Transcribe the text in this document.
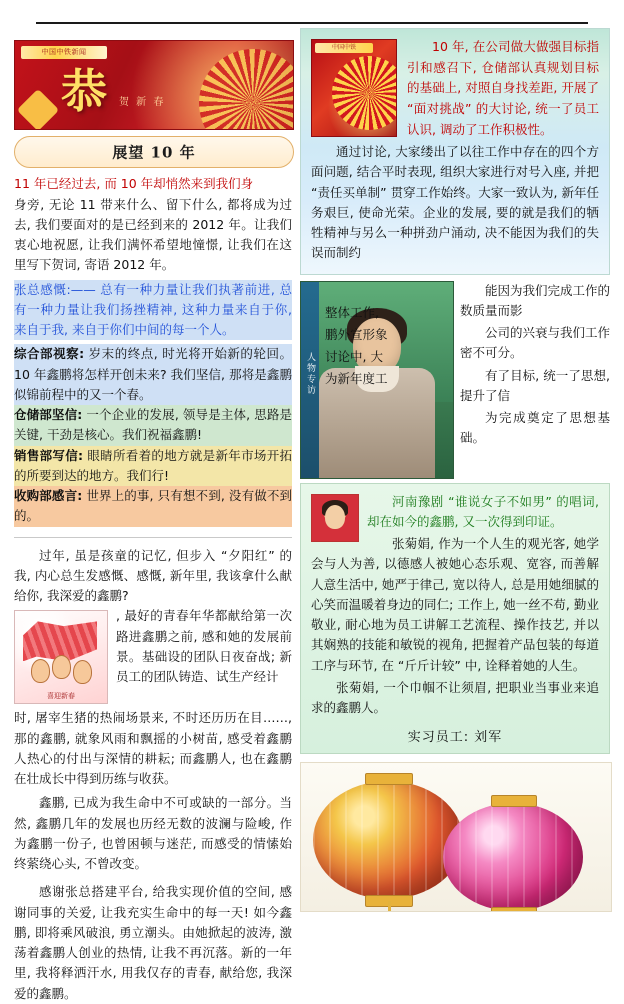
中国中铁新闻
恭 贺 新 春
展望 10 年
11 年已经过去, 而 10 年却悄然来到我们身
身旁, 无论 11 带来什么、留下什么, 都将成为过去, 我们要面对的是已经到来的 2012 年。让我们衷心地祝愿, 让我们满怀希望地憧憬, 让我们在这里写下贺词, 寄语 2012 年。
张总感慨:—— 总有一种力量让我们执著前进, 总有一种力量让我们扬挫精神, 这种力量来自于你, 来自于我, 来自于你们中间的每一个人。
综合部视察: 岁末的终点, 时光将开始新的轮回。10 年鑫鹏将怎样开创未来? 我们坚信, 那将是鑫鹏似锦前程中的又一个春。
仓储部坚信: 一个企业的发展, 领导是主体, 思路是关键, 干劲是核心。我们祝福鑫鹏!
销售部写信: 眼睛所看着的地方就是新年市场开拓的所要到达的地方。我们行!
收购部感言: 世界上的事, 只有想不到, 没有做不到的。
过年, 虽是孩童的记忆, 但步入 “夕阳红” 的我, 内心总生发感慨、感慨, 新年里, 我该拿什么献给你, 我深爱的鑫鹏?
喜迎新春
, 最好的青春年华都献给第一次路进鑫鹏之前, 感和她的发展前景。基础设的团队日夜奋战; 新员工的团队铸造、试生产经计
时, 屠宰生猪的热闹场景来, 不时还历历在目……, 那的鑫鹏, 就象风雨和飘摇的小树苗, 感受着鑫鹏人热心的付出与深情的耕耘; 而鑫鹏人, 也在鑫鹏在壮成长中得到历练与收获。
鑫鹏, 已成为我生命中不可或缺的一部分。当然, 鑫鹏几年的发展也历经无数的波澜与险峻, 作为鑫鹏一份子, 也曾困顿与迷茫, 而感受的情愫始终萦绕心头, 不曾改变。
感谢张总搭建平台, 给我实现价值的空间, 感谢同事的关爱, 让我充实生命中的每一天! 如今鑫鹏, 即将乘风破浪, 勇立潮头。由她掀起的波涛, 激荡着鑫鹏人创业的热情, 让我不再沉落。新的一年里, 我将释洒汗水, 用我仅存的青春, 献给您, 我深爱的鑫鹏。
中国中铁	10 年, 在公司做大做强目标指引和感召下, 仓储部认真规划目标的基础上, 对照自身找差距, 开展了 “面对挑战” 的大讨论, 统一了员工认识, 调动了工作积极性。
通过讨论, 大家缕出了以往工作中存在的四个方面问题, 结合平时表现, 组织大家进行对号入座, 并把 “责任买单制” 贯穿工作始终。大家一致认为, 新年任务艰巨, 使命光荣。企业的发展, 要的就是我们的牺牲精神与另么一种拼劲户涌动, 决不能因为我们的失误而制约
人物专访

整体工作,

鹏外宣形象

讨论中, 大

为新年度工

能因为我们完成工作的数质量而影

公司的兴衰与我们工作密不可分。

有了目标, 统一了思想, 提升了信

为完成奠定了思想基础。

河南豫剧 “谁说女子不如男” 的唱词, 却在如今的鑫鹏, 又一次得到印证。
张菊娟, 作为一个人生的观光客, 她学会与人为善, 以德感人被她心态乐观、宽容, 而善解人意生活中, 她严于律己, 宽以待人, 总是用她细腻的心笑而温暖着身边的同仁; 工作上, 她一丝不苟, 勤业敬业, 耐心地为员工讲解工艺流程、操作技艺, 并以其娴熟的技能和敏锐的视角, 把握着产品包装的每道工序与环节, 在 “斤斤计较” 中, 诠释着她的人生。
张菊娟, 一个巾帼不让须眉, 把职业当事业来追求的鑫鹏人。
实习员工: 刘军
